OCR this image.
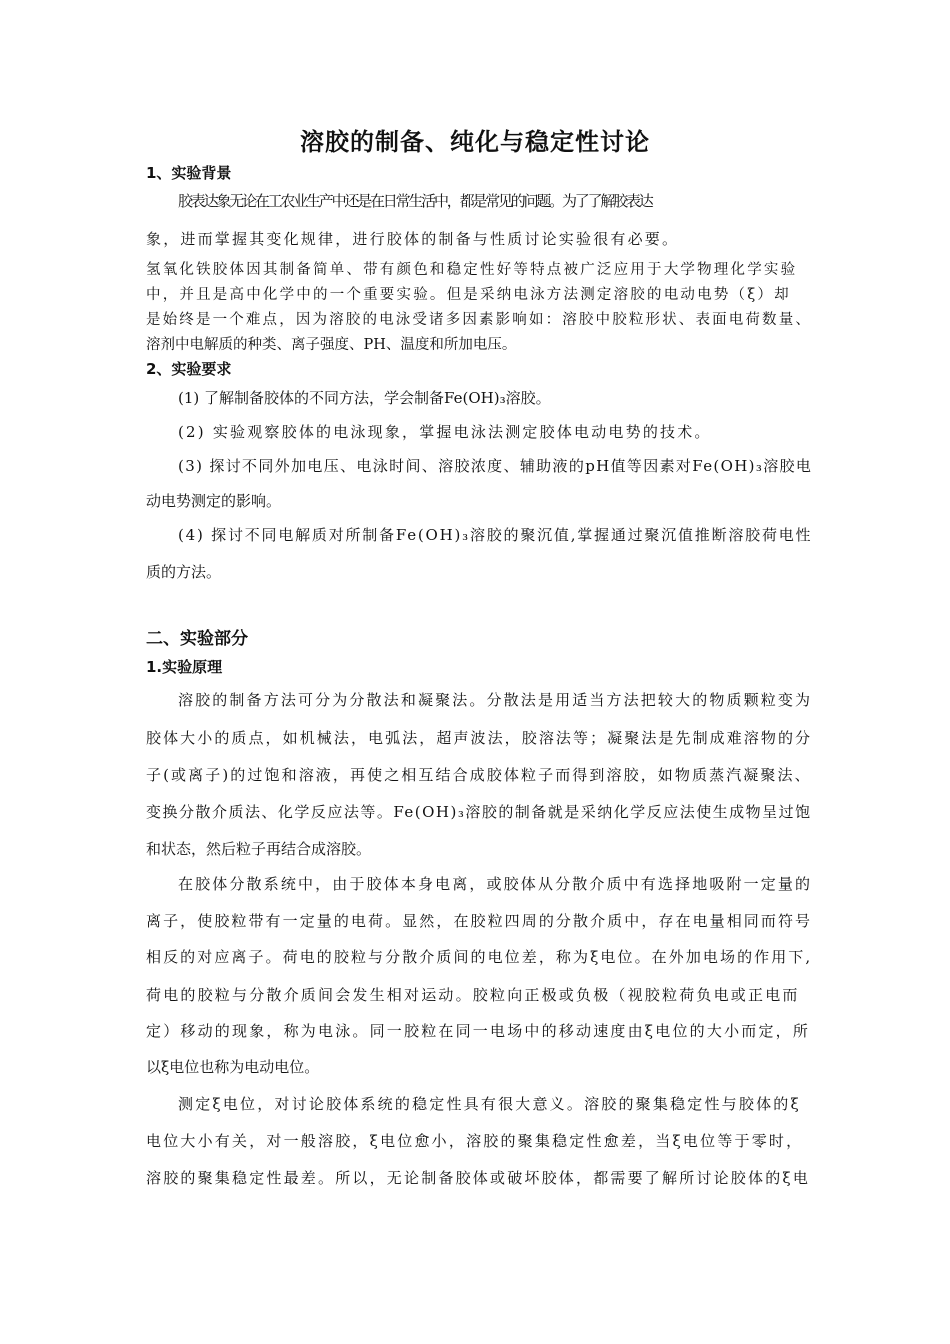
溶胶的制备、纯化与稳定性讨论
1、实验背景
胶表达象无论在工农业生产中还是在日常生活中，都是常见的问题。为了了解胶表达
象，进而掌握其变化规律，进行胶体的制备与性质讨论实验很有必要。
氢氧化铁胶体因其制备简单、带有颜色和稳定性好等特点被广泛应用于大学物理化学实验
中，并且是高中化学中的一个重要实验。但是采纳电泳方法测定溶胶的电动电势（ξ）却
是始终是一个难点，因为溶胶的电泳受诸多因素影响如：溶胶中胶粒形状、表面电荷数量、
溶剂中电解质的种类、离子强度、PH、温度和所加电压。
2、实验要求
(1) 了解制备胶体的不同方法，学会制备Fe(OH)₃溶胶。
(2) 实验观察胶体的电泳现象，掌握电泳法测定胶体电动电势的技术。
(3) 探讨不同外加电压、电泳时间、溶胶浓度、辅助液的pH值等因素对Fe(OH)₃溶胶电
动电势测定的影响。
(4) 探讨不同电解质对所制备Fe(OH)₃溶胶的聚沉值,掌握通过聚沉值推断溶胶荷电性
质的方法。
二、实验部分
1.实验原理
溶胶的制备方法可分为分散法和凝聚法。分散法是用适当方法把较大的物质颗粒变为
胶体大小的质点，如机械法，电弧法，超声波法，胶溶法等；凝聚法是先制成难溶物的分
子(或离子)的过饱和溶液，再使之相互结合成胶体粒子而得到溶胶，如物质蒸汽凝聚法、
变换分散介质法、化学反应法等。Fe(OH)₃溶胶的制备就是采纳化学反应法使生成物呈过饱
和状态，然后粒子再结合成溶胶。
在胶体分散系统中，由于胶体本身电离，或胶体从分散介质中有选择地吸附一定量的
离子，使胶粒带有一定量的电荷。显然，在胶粒四周的分散介质中，存在电量相同而符号
相反的对应离子。荷电的胶粒与分散介质间的电位差，称为ξ电位。在外加电场的作用下,
荷电的胶粒与分散介质间会发生相对运动。胶粒向正极或负极（视胶粒荷负电或正电而
定）移动的现象，称为电泳。同一胶粒在同一电场中的移动速度由ξ电位的大小而定，所
以ξ电位也称为电动电位。
测定ξ电位，对讨论胶体系统的稳定性具有很大意义。溶胶的聚集稳定性与胶体的ξ
电位大小有关，对一般溶胶，ξ电位愈小，溶胶的聚集稳定性愈差，当ξ电位等于零时，
溶胶的聚集稳定性最差。所以，无论制备胶体或破坏胶体，都需要了解所讨论胶体的ξ电
